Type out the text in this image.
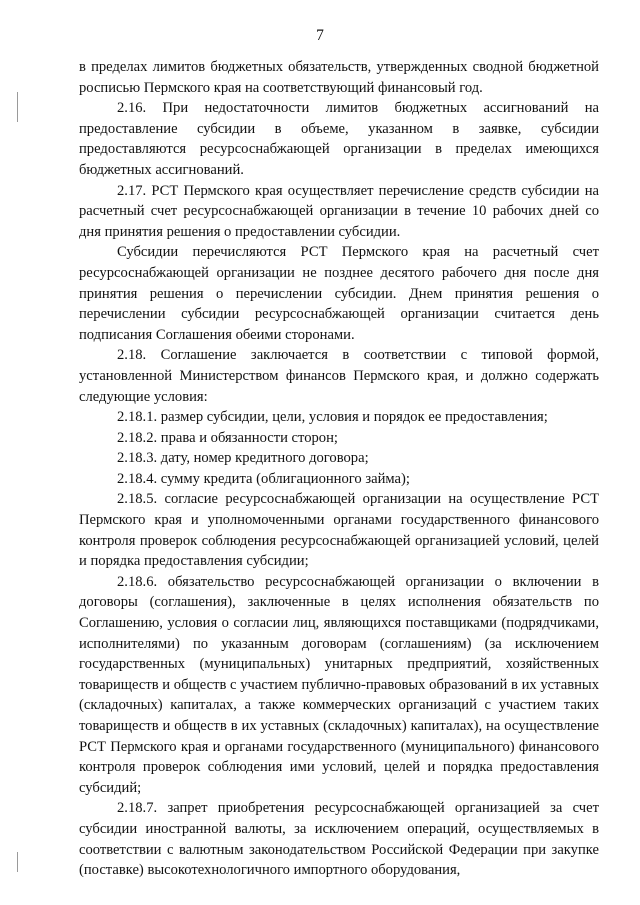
7

в пределах лимитов бюджетных обязательств, утвержденных сводной бюджетной росписью Пермского края на соответствующий финансовый год.

2.16. При недостаточности лимитов бюджетных ассигнований на предоставление субсидии в объеме, указанном в заявке, субсидии предоставляются ресурсоснабжающей организации в пределах имеющихся бюджетных ассигнований.

2.17. РСТ Пермского края осуществляет перечисление средств субсидии на расчетный счет ресурсоснабжающей организации в течение 10 рабочих дней со дня принятия решения о предоставлении субсидии.

Субсидии перечисляются РСТ Пермского края на расчетный счет ресурсоснабжающей организации не позднее десятого рабочего дня после дня принятия решения о перечислении субсидии. Днем принятия решения о перечислении субсидии ресурсоснабжающей организации считается день подписания Соглашения обеими сторонами.

2.18. Соглашение заключается в соответствии с типовой формой, установленной Министерством финансов Пермского края, и должно содержать следующие условия:

2.18.1. размер субсидии, цели, условия и порядок ее предоставления;

2.18.2. права и обязанности сторон;

2.18.3. дату, номер кредитного договора;

2.18.4. сумму кредита (облигационного займа);

2.18.5. согласие ресурсоснабжающей организации на осуществление РСТ Пермского края и уполномоченными органами государственного финансового контроля проверок соблюдения ресурсоснабжающей организацией условий, целей и порядка предоставления субсидии;

2.18.6. обязательство ресурсоснабжающей организации о включении в договоры (соглашения), заключенные в целях исполнения обязательств по Соглашению, условия о согласии лиц, являющихся поставщиками (подрядчиками, исполнителями) по указанным договорам (соглашениям) (за исключением государственных (муниципальных) унитарных предприятий, хозяйственных товариществ и обществ с участием публично-правовых образований в их уставных (складочных) капиталах, а также коммерческих организаций с участием таких товариществ и обществ в их уставных (складочных) капиталах), на осуществление РСТ Пермского края и органами государственного (муниципального) финансового контроля проверок соблюдения ими условий, целей и порядка предоставления субсидий;

2.18.7. запрет приобретения ресурсоснабжающей организацией за счет субсидии иностранной валюты, за исключением операций, осуществляемых в соответствии с валютным законодательством Российской Федерации при закупке (поставке) высокотехнологичного импортного оборудования,
